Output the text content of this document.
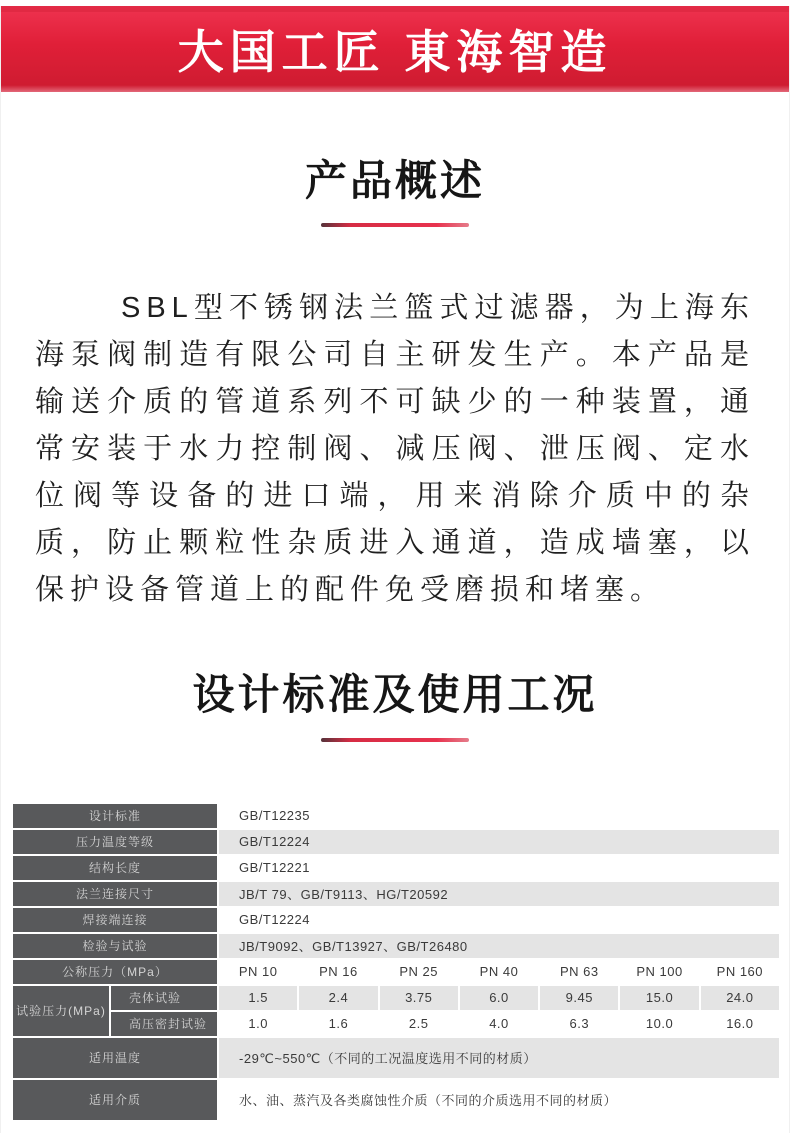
大国工匠 東海智造
产品概述

SBL型不锈钢法兰篮式过滤器，为上海东海泵阀制造有限公司自主研发生产。本产品是输送介质的管道系列不可缺少的一种装置，通常安装于水力控制阀、减压阀、泄压阀、定水位阀等设备的进口端，用来消除介质中的杂质，防止颗粒性杂质进入通道，造成墙塞，以保护设备管道上的配件免受磨损和堵塞。

设计标准及使用工况
设计标准		GB/T12235						
压力温度等级		GB/T12224						
结构长度		GB/T12221						
法兰连接尺寸		JB/T 79、GB/T9113、HG/T20592						
焊接端连接		GB/T12224						
检验与试验		JB/T9092、GB/T13927、GB/T26480						
公称压力（MPa）		PN 10	PN 16	PN 25	PN 40	PN 63	PN 100	PN 160
试验压力(MPa)	壳体试验	1.5	2.4	3.75	6.0	9.45	15.0	24.0
	高压密封试验	1.0	1.6	2.5	4.0	6.3	10.0	16.0
适用温度		-29℃~550℃（不同的工况温度选用不同的材质）						
适用介质		水、油、蒸汽及各类腐蚀性介质（不同的介质选用不同的材质）						
